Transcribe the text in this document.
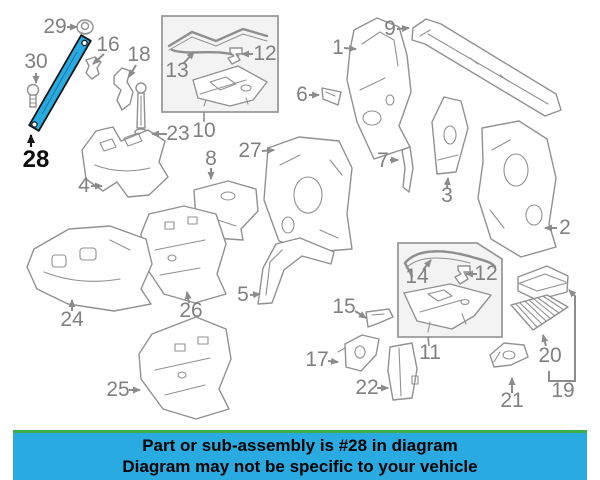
29
30
28
16 18
13
12
10
23
1
9
6
7
3
2
27
8
4
26
24
25
5
15
17
22
14 12
11	20
19
21
Part or sub-assembly is #28 in diagram
Diagram may not be specific to your vehicle
